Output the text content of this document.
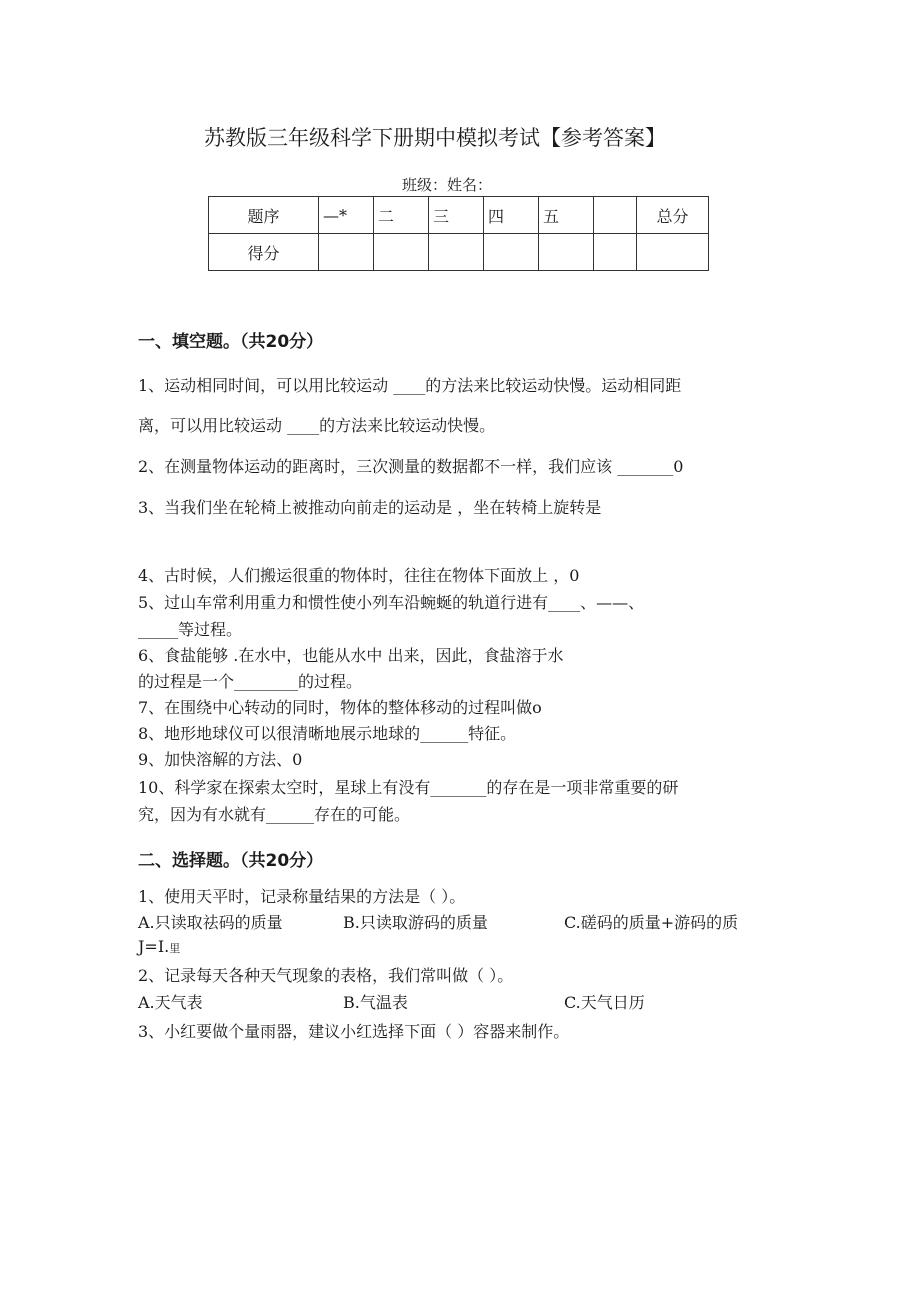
苏教版三年级科学下册期中模拟考试【参考答案】
班级：姓名：
题序	—*	二	三	四	五		总分
得分							
一、填空题。（共20分）
1、运动相同时间，可以用比较运动 ____的方法来比较运动快慢。运动相同距
离，可以用比较运动 ____的方法来比较运动快慢。
2、在测量物体运动的距离时，三次测量的数据都不一样，我们应该 _______0
3、当我们坐在轮椅上被推动向前走的运动是 ，坐在转椅上旋转是
4、古时候，人们搬运很重的物体时，往往在物体下面放上 ，0
5、过山车常利用重力和惯性使小列车沿蜿蜒的轨道行进有____、——、
_____等过程。
6、食盐能够 .在水中，也能从水中 出来，因此，食盐溶于水
的过程是一个________的过程。
7、在围绕中心转动的同时，物体的整体移动的过程叫做o
8、地形地球仪可以很清晰地展示地球的______特征。
9、加快溶解的方法、0
10、科学家在探索太空时，星球上有没有_______的存在是一项非常重要的研
究，因为有水就有______存在的可能。
二、选择题。（共20分）
1、使用天平时，记录称量结果的方法是（ ）。
A.只读取祛码的质量	B.只读取游码的质量	C.磋码的质量+游码的质
J=I.里
2、记录每天各种天气现象的表格，我们常叫做（ ）。
A.天气表	B.气温表	C.天气日历
3、小红要做个量雨器，建议小红选择下面（ ）容器来制作。
